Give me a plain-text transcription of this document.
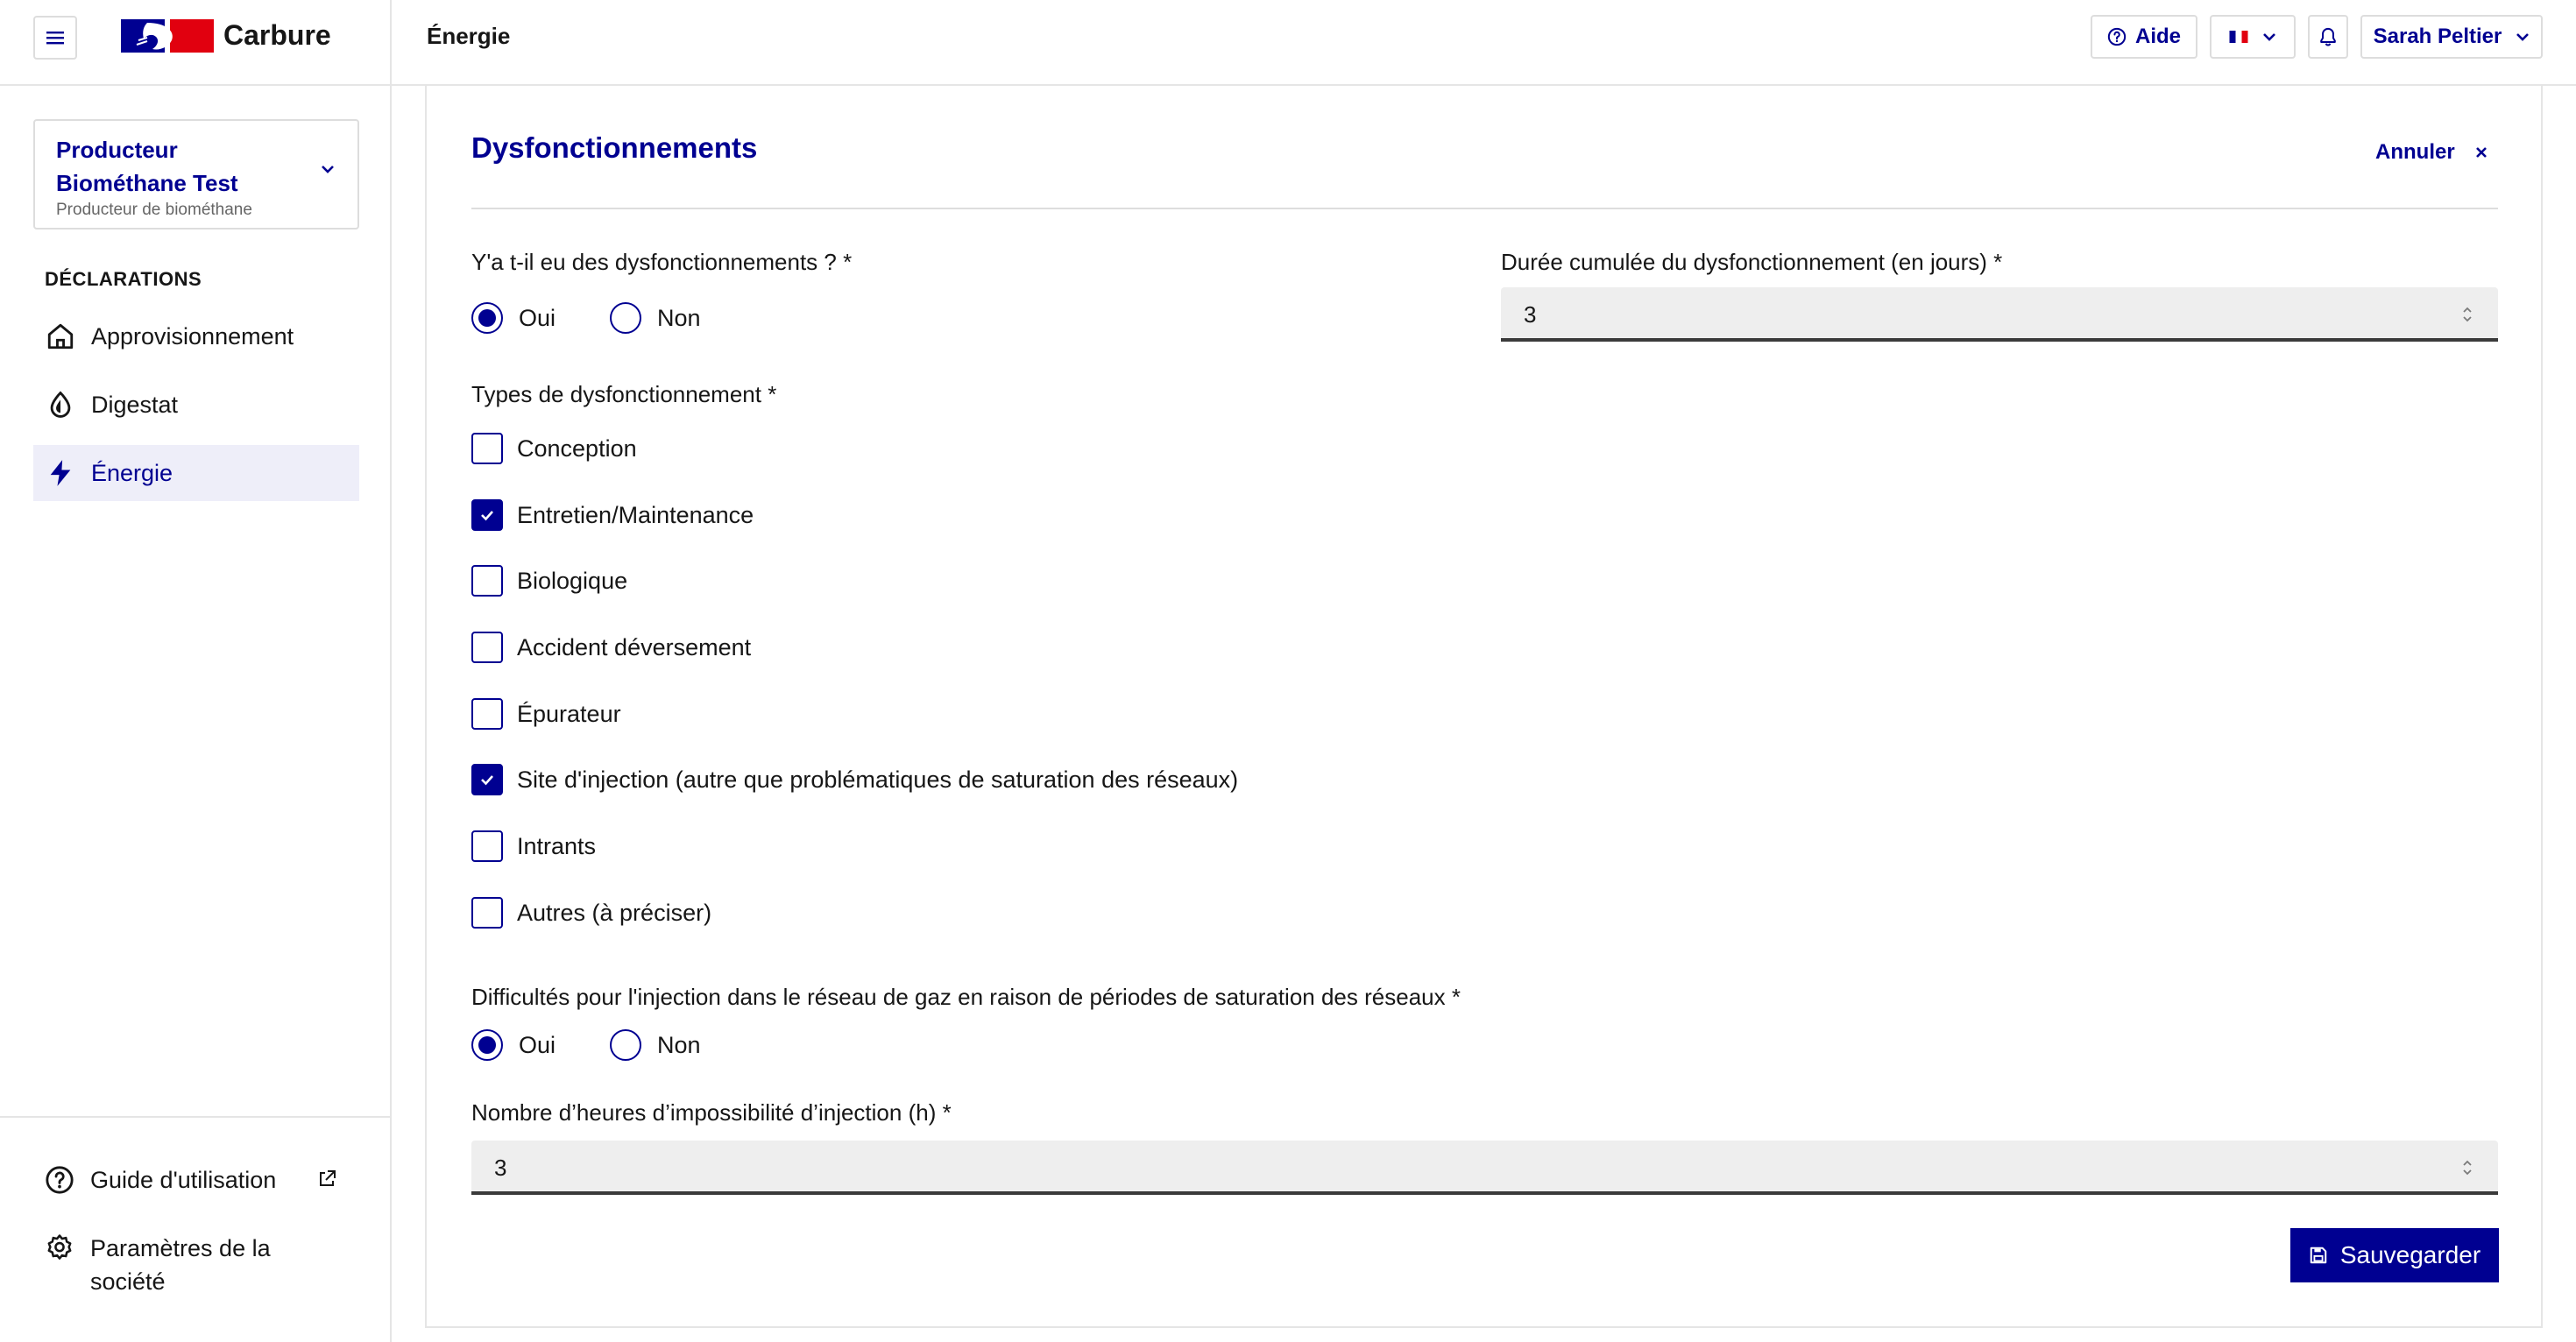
Carbure	Énergie	Aide	Sarah Peltier
Producteur Biométhane Test
Producteur de biométhane
DÉCLARATIONS
Approvisionnement
Digestat
Énergie
Guide d'utilisation
Paramètres de la
société
Dysfonctionnements	Annuler
Y'a t-il eu des dysfonctionnements ? *
Oui	Non
Durée cumulée du dysfonctionnement (en jours) *
3
Types de dysfonctionnement *
Conception
Entretien/Maintenance
Biologique
Accident déversement
Épurateur
Site d'injection (autre que problématiques de saturation des réseaux)
Intrants
Autres (à préciser)
Difficultés pour l'injection dans le réseau de gaz en raison de périodes de saturation des réseaux *
Oui	Non
Nombre d’heures d’impossibilité d’injection (h) *
3
Sauvegarder
